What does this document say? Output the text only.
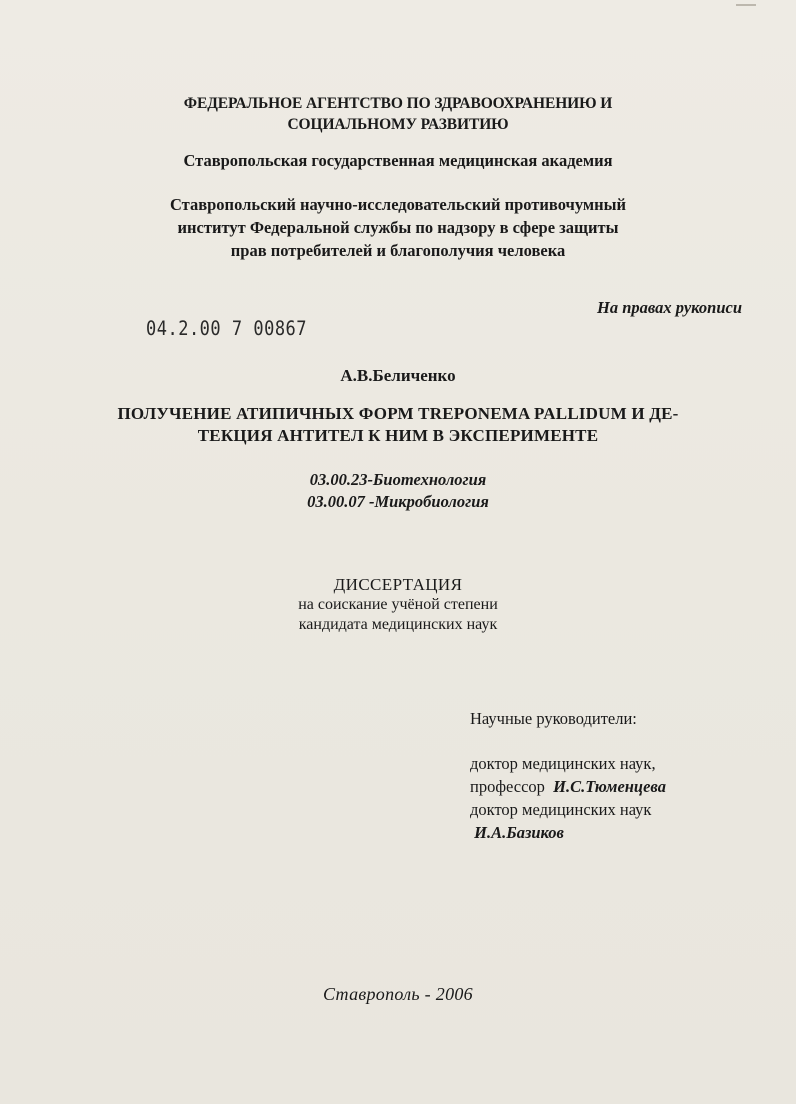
ФЕДЕРАЛЬНОЕ АГЕНТСТВО ПО ЗДРАВООХРАНЕНИЮ И
СОЦИАЛЬНОМУ РАЗВИТИЮ
Ставропольская государственная медицинская академия
Ставропольский научно-исследовательский противочумный
институт Федеральной службы по надзору в сфере защиты
прав потребителей и благополучия человека
На правах рукописи
04.2.00 7 00867
А.В.Беличенко
ПОЛУЧЕНИЕ АТИПИЧНЫХ ФОРМ TREPONEMA PALLIDUM И ДЕ-
ТЕКЦИЯ АНТИТЕЛ К НИМ В ЭКСПЕРИМЕНТЕ
03.00.23-Биотехнология
03.00.07 -Микробиология
ДИССЕРТАЦИЯ
на соискание учёной степени
кандидата медицинских наук
Научные руководители:
доктор медицинских наук,
профессор И.С.Тюменцева
доктор медицинских наук
И.А.Базиков
Ставрополь - 2006
